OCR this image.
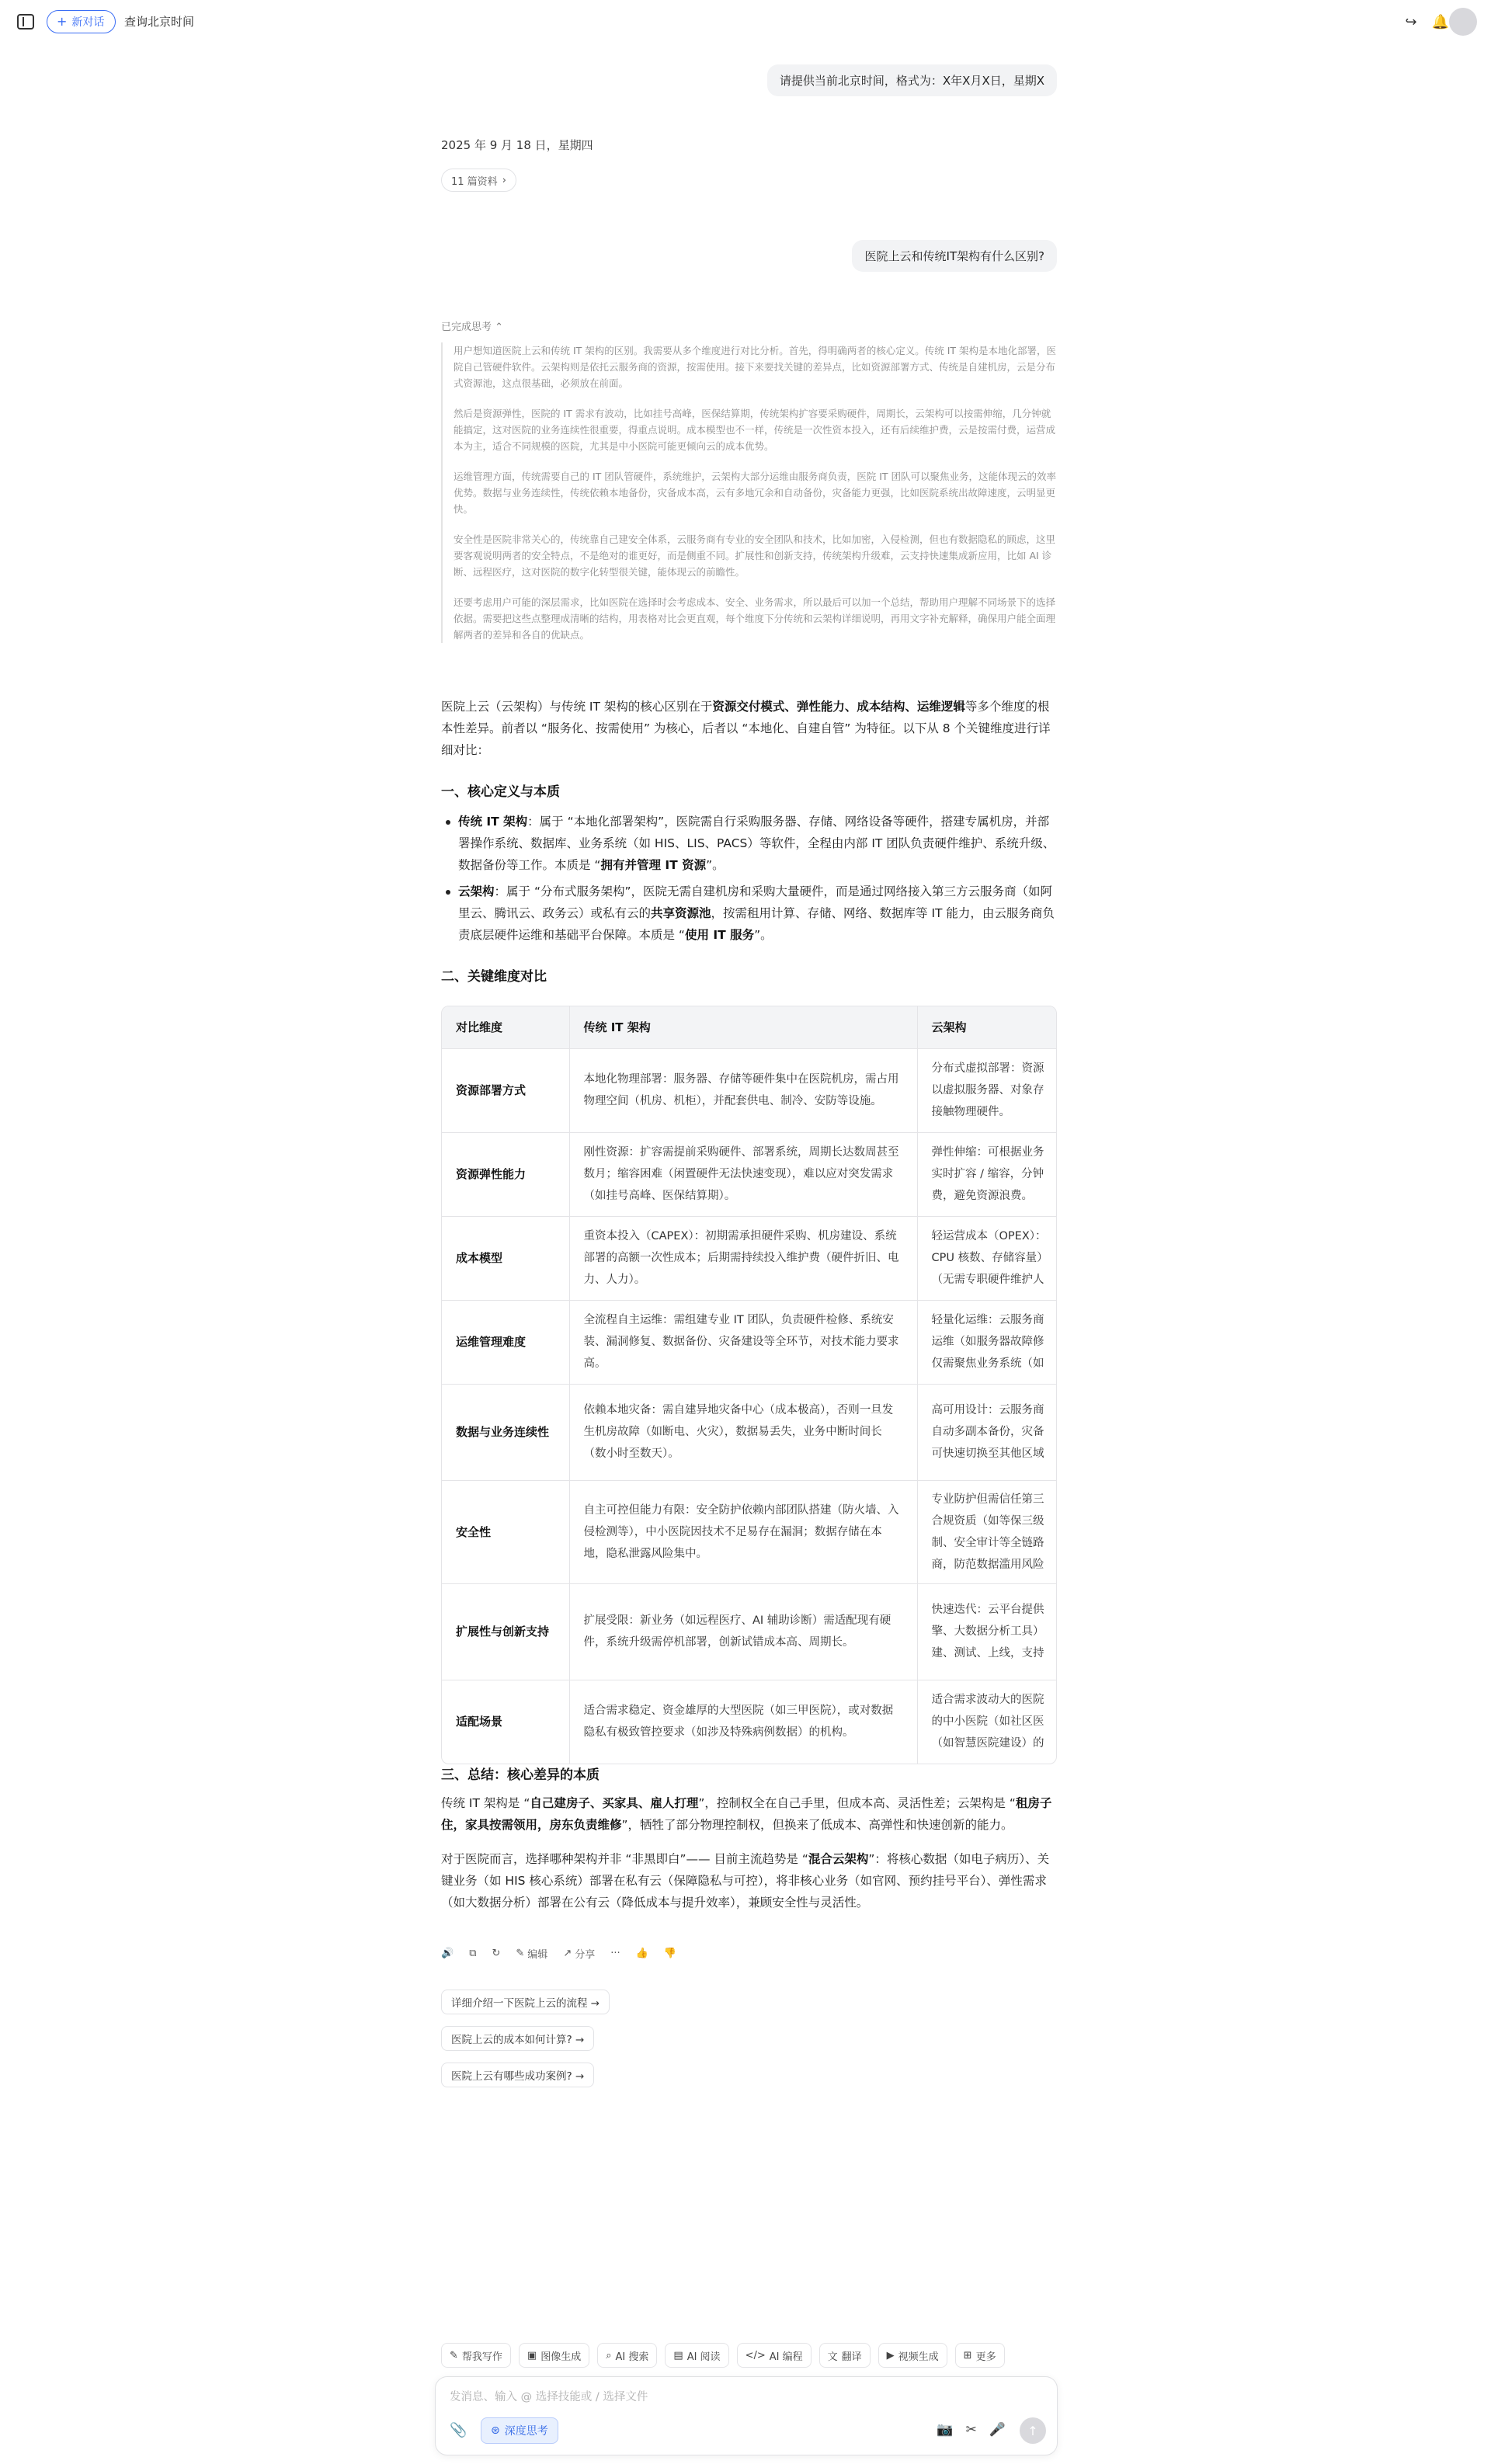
+ 新对话 查询北京时间	↪	🔔
请提供当前北京时间，格式为：X年X月X日，星期X
2025 年 9 月 18 日，星期四
11 篇资料 ›
医院上云和传统IT架构有什么区别?
已完成思考 ⌃

用户想知道医院上云和传统 IT 架构的区别。我需要从多个维度进行对比分析。首先，得明确两者的核心定义。传统 IT 架构是本地化部署，医院自己管硬件软件。云架构则是依托云服务商的资源，按需使用。接下来要找关键的差异点，比如资源部署方式、传统是自建机房，云是分布式资源池，这点很基础，必须放在前面。

然后是资源弹性，医院的 IT 需求有波动，比如挂号高峰，医保结算期，传统架构扩容要采购硬件，周期长，云架构可以按需伸缩，几分钟就能搞定，这对医院的业务连续性很重要，得重点说明。成本模型也不一样，传统是一次性资本投入，还有后续维护费，云是按需付费，运营成本为主，适合不同规模的医院，尤其是中小医院可能更倾向云的成本优势。

运维管理方面，传统需要自己的 IT 团队管硬件，系统维护，云架构大部分运维由服务商负责，医院 IT 团队可以聚焦业务，这能体现云的效率优势。数据与业务连续性，传统依赖本地备份，灾备成本高，云有多地冗余和自动备份，灾备能力更强，比如医院系统出故障速度，云明显更快。

安全性是医院非常关心的，传统靠自己建安全体系，云服务商有专业的安全团队和技术，比如加密，入侵检测，但也有数据隐私的顾虑，这里要客观说明两者的安全特点，不是绝对的谁更好，而是侧重不同。扩展性和创新支持，传统架构升级难，云支持快速集成新应用，比如 AI 诊断、远程医疗，这对医院的数字化转型很关键，能体现云的前瞻性。

还要考虑用户可能的深层需求，比如医院在选择时会考虑成本、安全、业务需求，所以最后可以加一个总结，帮助用户理解不同场景下的选择依据。需要把这些点整理成清晰的结构，用表格对比会更直观，每个维度下分传统和云架构详细说明，再用文字补充解释，确保用户能全面理解两者的差异和各自的优缺点。

医院上云（云架构）与传统 IT 架构的核心区别在于资源交付模式、弹性能力、成本结构、运维逻辑等多个维度的根本性差异。前者以 “服务化、按需使用” 为核心，后者以 “本地化、自建自管” 为特征。以下从 8 个关键维度进行详细对比：

一、核心定义与本质
传统 IT 架构：属于 “本地化部署架构”，医院需自行采购服务器、存储、网络设备等硬件，搭建专属机房，并部署操作系统、数据库、业务系统（如 HIS、LIS、PACS）等软件，全程由内部 IT 团队负责硬件维护、系统升级、数据备份等工作。本质是 “拥有并管理 IT 资源”。
云架构：属于 “分布式服务架构”，医院无需自建机房和采购大量硬件，而是通过网络接入第三方云服务商（如阿里云、腾讯云、政务云）或私有云的共享资源池，按需租用计算、存储、网络、数据库等 IT 能力，由云服务商负责底层硬件运维和基础平台保障。本质是 “使用 IT 服务”。
二、关键维度对比
对比维度	传统 IT 架构	云架构
资源部署方式	本地化物理部署：服务器、存储等硬件集中在医院机房，需占用物理空间（机房、机柜），并配套供电、制冷、安防等设施。	分布式虚拟部署：资源
以虚拟服务器、对象存
接触物理硬件。

资源弹性能力	刚性资源：扩容需提前采购硬件、部署系统，周期长达数周甚至数月；缩容困难（闲置硬件无法快速变现），难以应对突发需求（如挂号高峰、医保结算期）。	弹性伸缩：可根据业务
实时扩容 / 缩容，分钟
费，避免资源浪费。

成本模型	重资本投入（CAPEX）：初期需承担硬件采购、机房建设、系统部署的高额一次性成本；后期需持续投入维护费（硬件折旧、电力、人力）。	轻运营成本（OPEX）：
CPU 核数、存储容量）
（无需专职硬件维护人

运维管理难度	全流程自主运维：需组建专业 IT 团队，负责硬件检修、系统安装、漏洞修复、数据备份、灾备建设等全环节，对技术能力要求高。	轻量化运维：云服务商
运维（如服务器故障修
仅需聚焦业务系统（如

数据与业务连续性	依赖本地灾备：需自建异地灾备中心（成本极高），否则一旦发生机房故障（如断电、火灾），数据易丢失，业务中断时间长（数小时至数天）。	高可用设计：云服务商
自动多副本备份，灾备
可快速切换至其他区域

安全性	自主可控但能力有限：安全防护依赖内部团队搭建（防火墙、入侵检测等），中小医院因技术不足易存在漏洞；数据存储在本地，隐私泄露风险集中。	专业防护但需信任第三
合规资质（如等保三级
制、安全审计等全链路
商，防范数据滥用风险

扩展性与创新支持	扩展受限：新业务（如远程医疗、AI 辅助诊断）需适配现有硬件，系统升级需停机部署，创新试错成本高、周期长。	快速迭代：云平台提供
擎、大数据分析工具）
建、测试、上线，支持

适配场景	适合需求稳定、资金雄厚的大型医院（如三甲医院），或对数据隐私有极致管控要求（如涉及特殊病例数据）的机构。	适合需求波动大的医院
的中小医院（如社区医
（如智慧医院建设）的
三、总结：核心差异的本质

传统 IT 架构是 “自己建房子、买家具、雇人打理”，控制权全在自己手里，但成本高、灵活性差；云架构是 “租房子住，家具按需领用，房东负责维修”，牺牲了部分物理控制权，但换来了低成本、高弹性和快速创新的能力。

对于医院而言，选择哪种架构并非 “非黑即白”—— 目前主流趋势是 “混合云架构”：将核心数据（如电子病历）、关键业务（如 HIS 核心系统）部署在私有云（保障隐私与可控），将非核心业务（如官网、预约挂号平台）、弹性需求（如大数据分析）部署在公有云（降低成本与提升效率），兼顾安全性与灵活性。

🔊 ⧉ ↻ ✎ 编辑 ↗ 分享 ··· 👍 👎
详细介绍一下医院上云的流程 →
医院上云的成本如何计算? →
医院上云有哪些成功案例? →
✎ 帮我写作 ▣ 图像生成 ⌕ AI 搜索 ▤ AI 阅读 </> AI 编程 文 翻译 ▶ 视频生成 ⊞ 更多
发消息、输入 @ 选择技能或 / 选择文件
📎 ⊛ 深度思考	📷 ✂ 🎤 ↑
